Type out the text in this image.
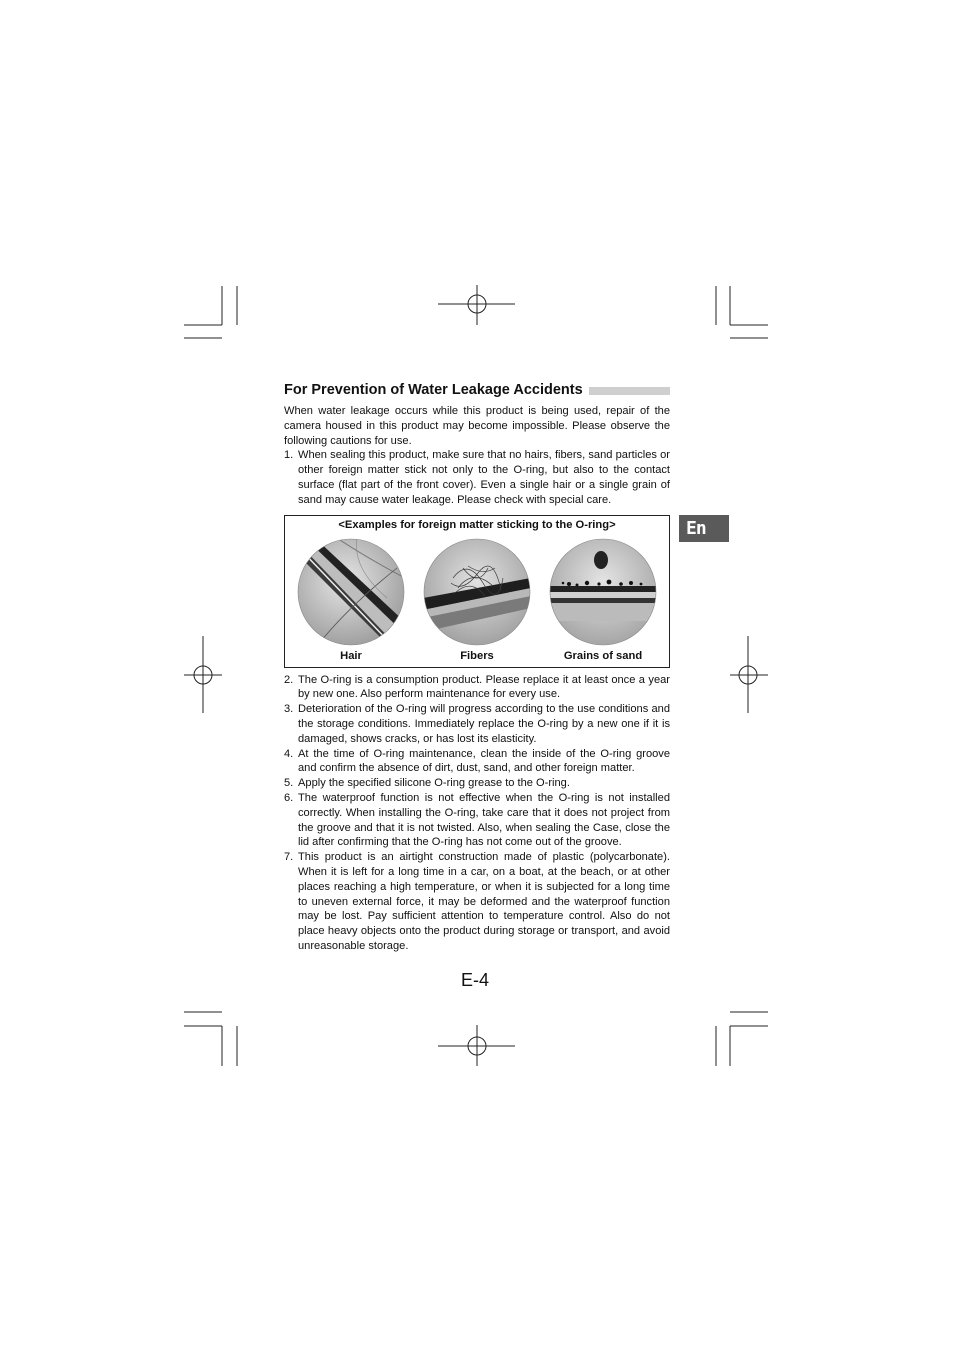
For Prevention of Water Leakage Accidents

When water leakage occurs while this product is being used, repair of the camera housed in this product may become impossible. Please observe the following cautions for use.

1. When sealing this product, make sure that no hairs, fibers, sand particles or other foreign matter stick not only to the O-ring, but also to the contact surface (flat part of the front cover). Even a single hair or a single grain of sand may cause water leakage. Please check with special care.
<Examples for foreign matter sticking to the O-ring>
Hair	Fibers	Grains of sand
2. The O-ring is a consumption product. Please replace it at least once a year by new one. Also perform maintenance for every use.
3. Deterioration of the O-ring will progress according to the use conditions and the storage conditions. Immediately replace the O-ring by a new one if it is damaged, shows cracks, or has lost its elasticity.
4. At the time of O-ring maintenance, clean the inside of the O-ring groove and confirm the absence of dirt, dust, sand, and other foreign matter.
5. Apply the specified silicone O-ring grease to the O-ring.
6. The waterproof function is not effective when the O-ring is not installed correctly. When installing the O-ring, take care that it does not project from the groove and that it is not twisted. Also, when sealing the Case, close the lid after confirming that the O-ring has not come out of the groove.
7. This product is an airtight construction made of plastic (polycarbonate). When it is left for a long time in a car, on a boat, at the beach, or at other places reaching a high temperature, or when it is subjected for a long time to uneven external force, it may be deformed and the waterproof function may be lost. Pay sufficient attention to temperature control. Also do not place heavy objects onto the product during storage or transport, and avoid unreasonable storage.
E-4
En
